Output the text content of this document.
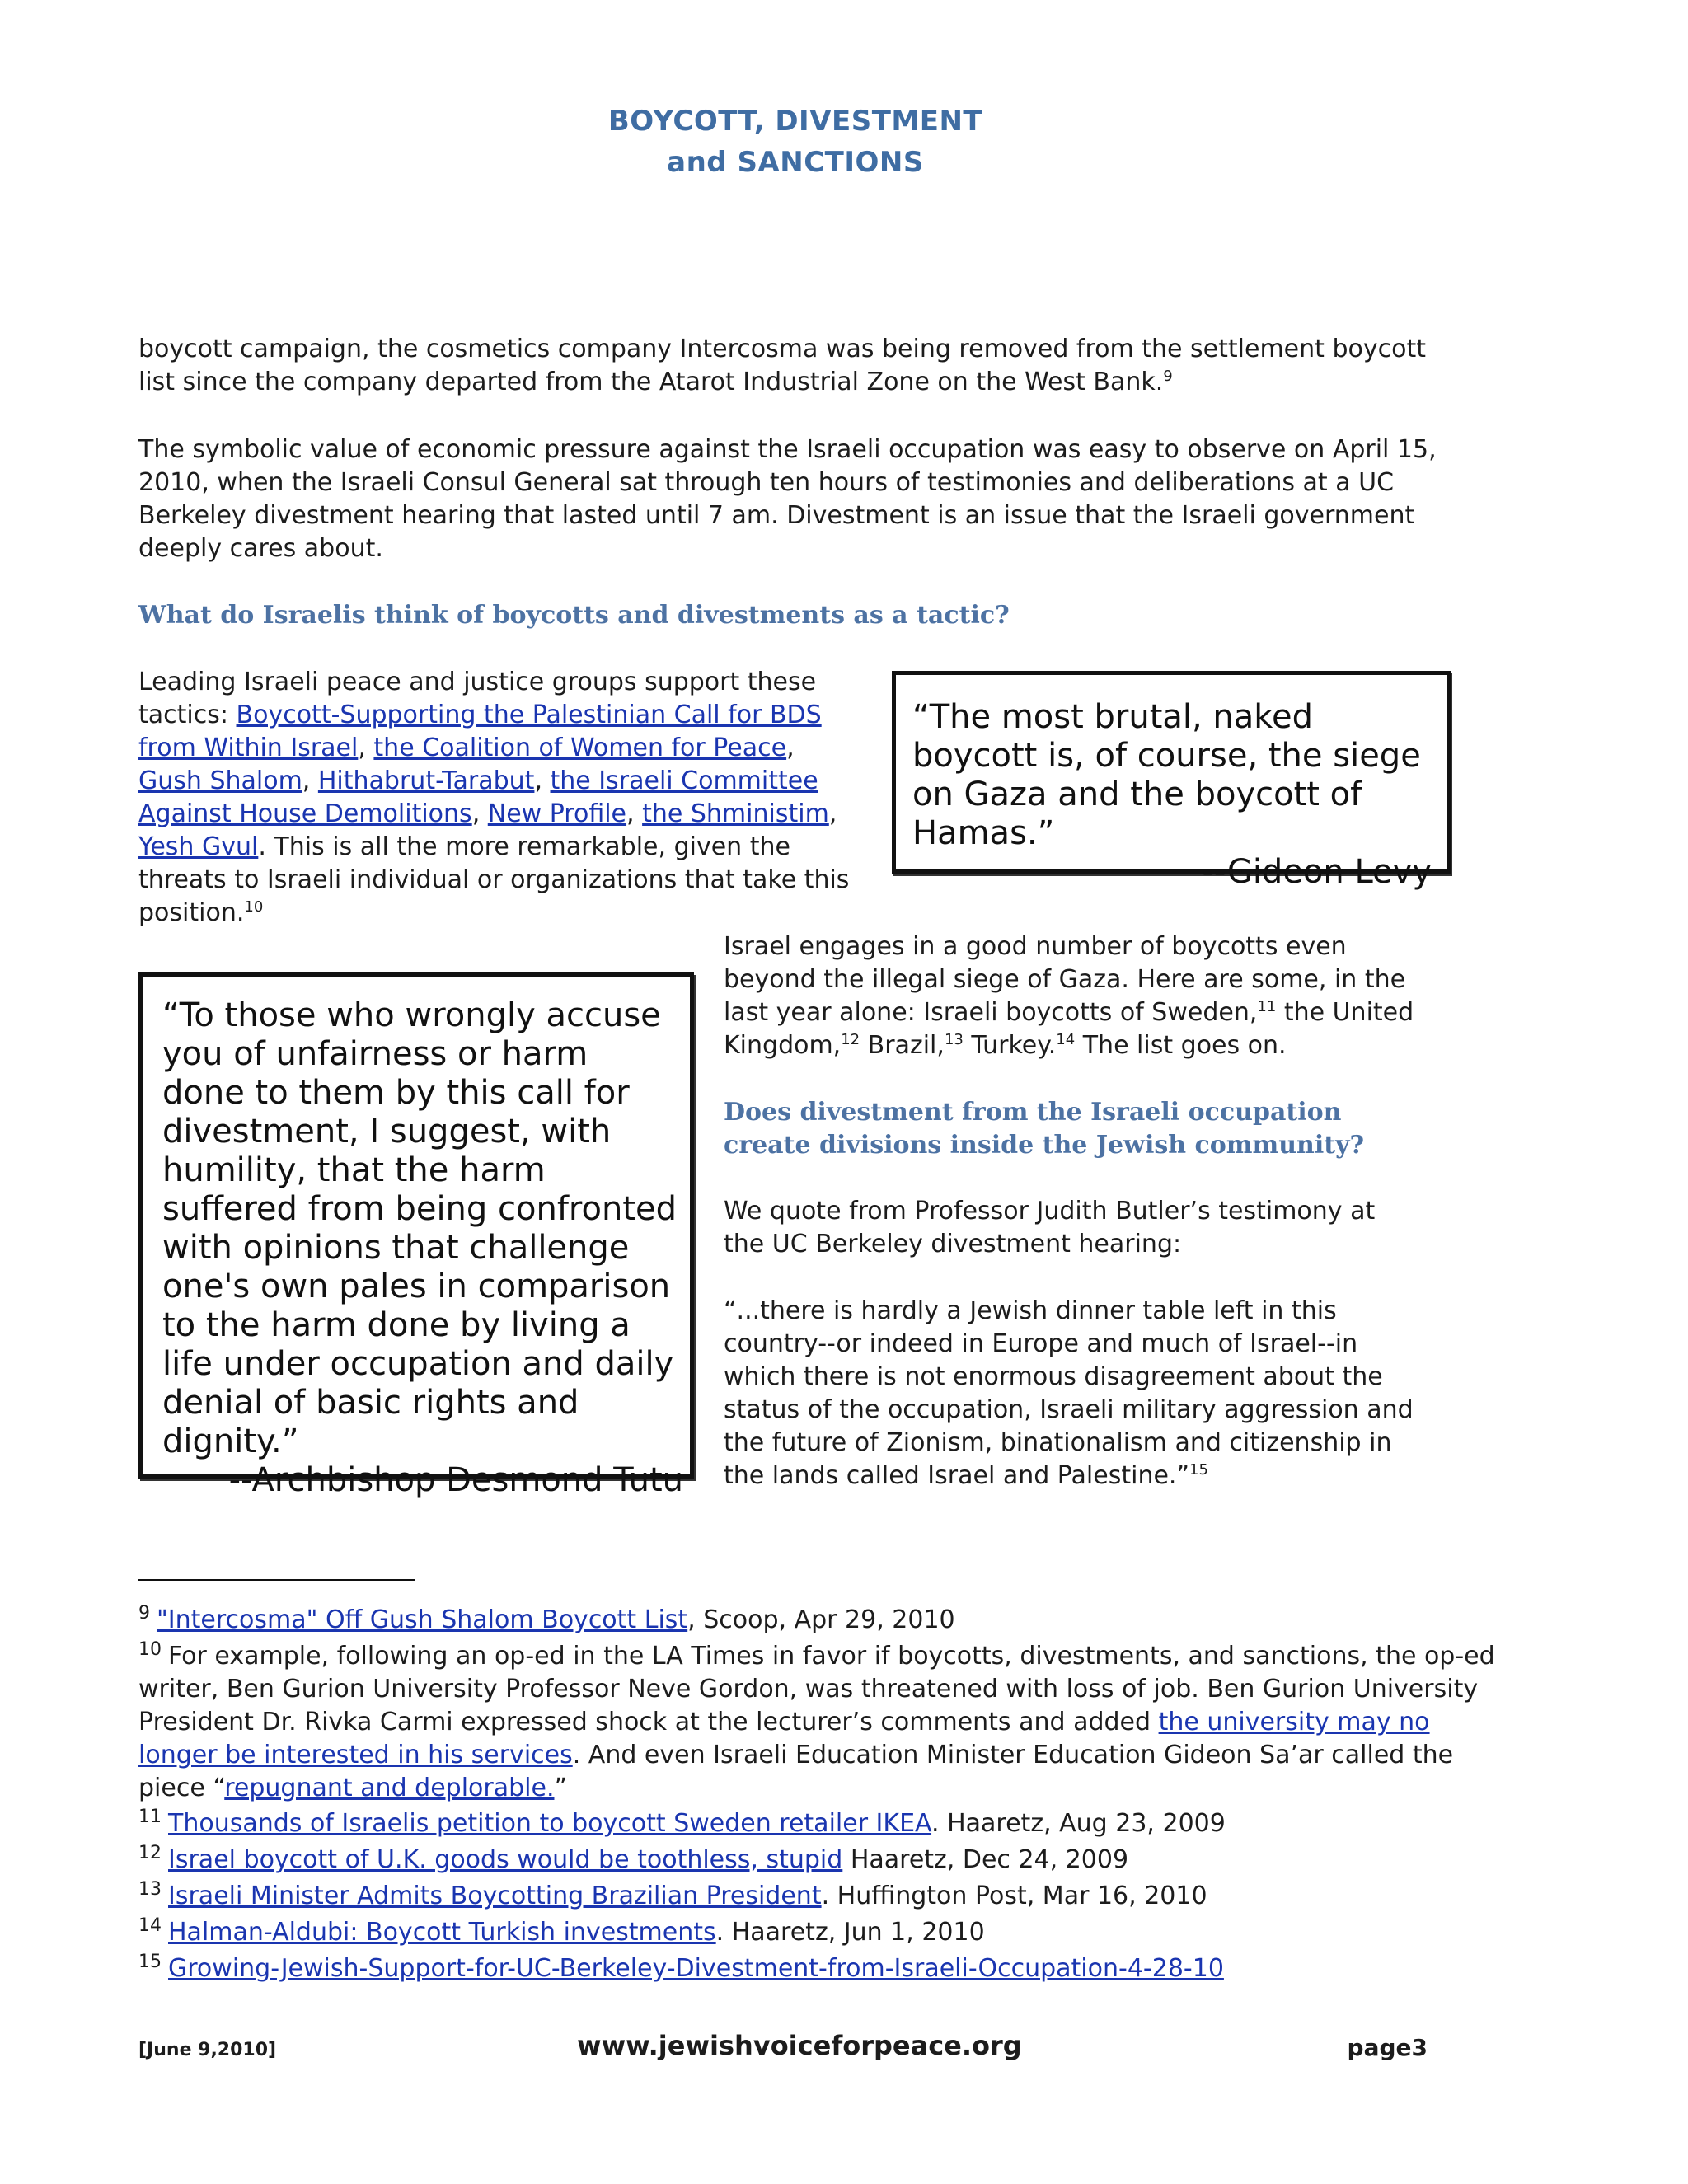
BOYCOTT, DIVESTMENT
and SANCTIONS
boycott campaign, the cosmetics company Intercosma was being removed from the settlement boycott list since the company departed from the Atarot Industrial Zone on the West Bank.$^9$
The symbolic value of economic pressure against the Israeli occupation was easy to observe on April 15, 2010, when the Israeli Consul General sat through ten hours of testimonies and deliberations at a UC Berkeley divestment hearing that lasted until 7 am. Divestment is an issue that the Israeli government deeply cares about.
What do Israelis think of boycotts and divestments as a tactic?
Leading Israeli peace and justice groups support these tactics: Boycott-Supporting the Palestinian Call for BDS from Within Israel, the Coalition of Women for Peace, Gush Shalom, Hithabrut-Tarabut, the Israeli Committee Against House Demolitions, New Profile, the Shministim, Yesh Gvul. This is all the more remarkable, given the threats to Israeli individual or organizations that take this position.$^{10}$
“The most brutal, naked boycott is, of course, the siege on Gaza and the boycott of Hamas.”
--Gideon Levy
“To those who wrongly accuse you of unfairness or harm done to them by this call for divestment, I suggest, with humility, that the harm suffered from being confronted with opinions that challenge one's own pales in comparison to the harm done by living a life under occupation and daily denial of basic rights and dignity.”
--Archbishop Desmond Tutu
Israel engages in a good number of boycotts even beyond the illegal siege of Gaza. Here are some, in the last year alone: Israeli boycotts of Sweden,$^{11}$ the United Kingdom,$^{12}$ Brazil,$^{13}$ Turkey.$^{14}$ The list goes on.
Does divestment from the Israeli occupation create divisions inside the Jewish community?
We quote from Professor Judith Butler’s testimony at the UC Berkeley divestment hearing:
“...there is hardly a Jewish dinner table left in this country--or indeed in Europe and much of Israel--in which there is not enormous disagreement about the status of the occupation, Israeli military aggression and the future of Zionism, binationalism and citizenship in the lands called Israel and Palestine.”$^{15}$
$^9$ "Intercosma" Off Gush Shalom Boycott List, Scoop, Apr 29, 2010
$^{10}$ For example, following an op-ed in the LA Times in favor if boycotts, divestments, and sanctions, the op-ed writer, Ben Gurion University Professor Neve Gordon, was threatened with loss of job. Ben Gurion University President Dr. Rivka Carmi expressed shock at the lecturer’s comments and added the university may no longer be interested in his services. And even Israeli Education Minister Education Gideon Sa’ar called the piece “repugnant and deplorable.”
$^{11}$ Thousands of Israelis petition to boycott Sweden retailer IKEA. Haaretz, Aug 23, 2009
$^{12}$ Israel boycott of U.K. goods would be toothless, stupid Haaretz, Dec 24, 2009
$^{13}$ Israeli Minister Admits Boycotting Brazilian President. Huffington Post, Mar 16, 2010
$^{14}$ Halman-Aldubi: Boycott Turkish investments. Haaretz, Jun 1, 2010
$^{15}$ Growing-Jewish-Support-for-UC-Berkeley-Divestment-from-Israeli-Occupation-4-28-10
[June 9,2010]	www.jewishvoiceforpeace.org	page3
